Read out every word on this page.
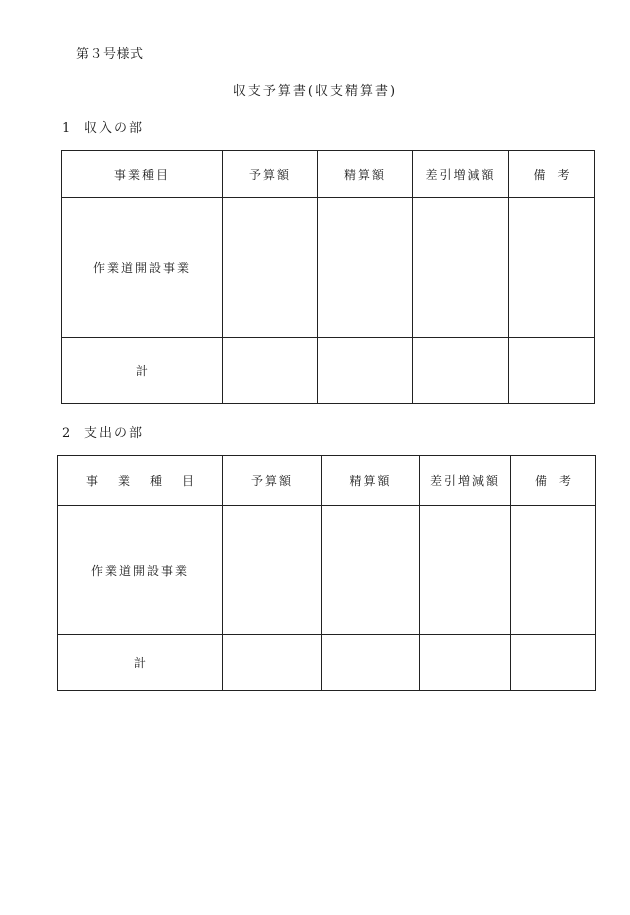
第３号様式
収支予算書(収支精算書)
1 収入の部
事業種目	予算額	精算額	差引増減額	備　考
作業道開設事業				
計				
2 支出の部
事業種目	予算額	精算額	差引増減額	備　考
作業道開設事業				
計				
